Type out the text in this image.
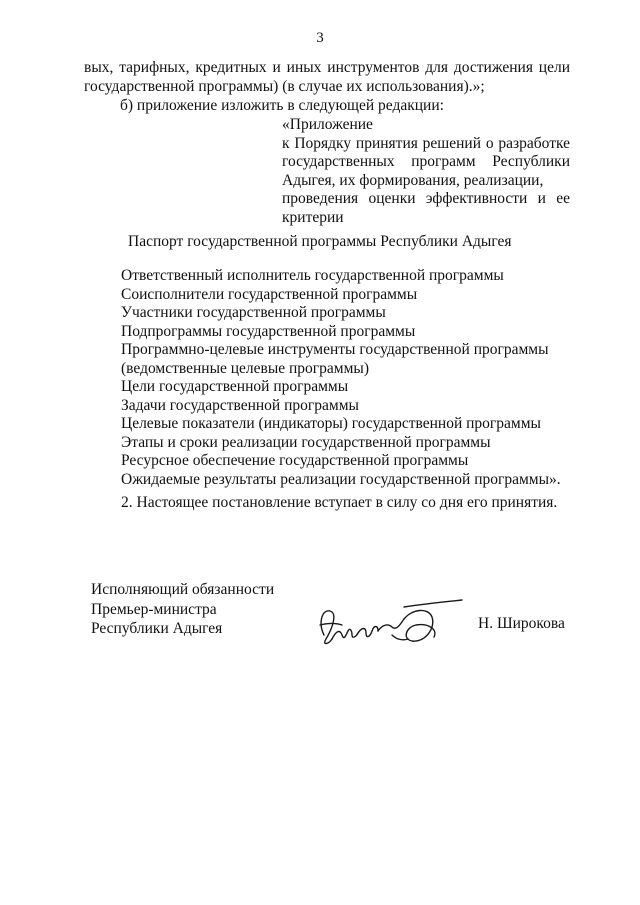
3
вых, тарифных, кредитных и иных инструментов для достижения цели
государственной программы) (в случае их использования).»;
б) приложение изложить в следующей редакции:
«Приложение
к Порядку принятия решений о разработке
государственных программ Республики
Адыгея, их формирования, реализации,
проведения оценки эффективности и ее
критерии
Паспорт государственной программы Республики Адыгея
Ответственный исполнитель государственной программы
Соисполнители государственной программы
Участники государственной программы
Подпрограммы государственной программы
Программно-целевые инструменты государственной программы
(ведомственные целевые программы)
Цели государственной программы
Задачи государственной программы
Целевые показатели (индикаторы) государственной программы
Этапы и сроки реализации государственной программы
Ресурсное обеспечение государственной программы
Ожидаемые результаты реализации государственной программы».
2. Настоящее постановление вступает в силу со дня его принятия.
Исполняющий обязанности
Премьер-министра
Республики Адыгея	Н. Широкова
